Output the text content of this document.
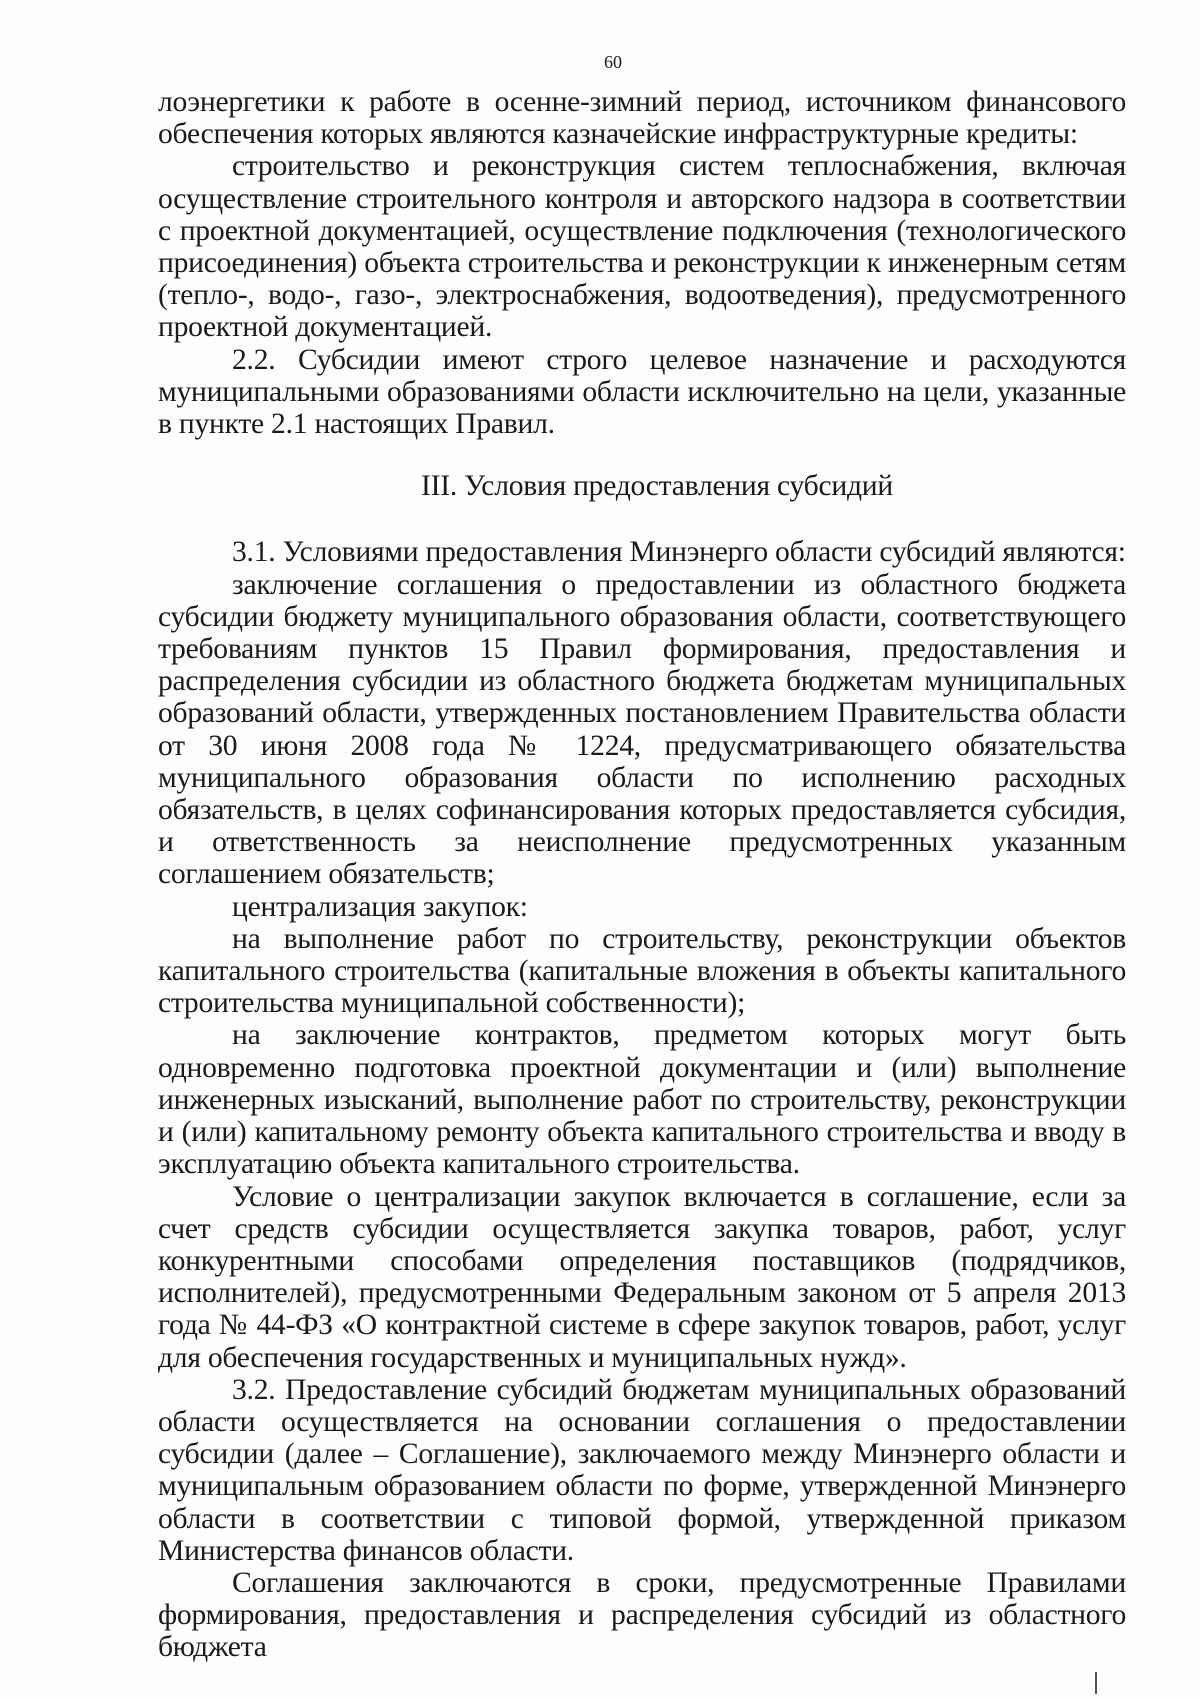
60

лоэнергетики к работе в осенне-зимний период, источником финансового обеспечения которых являются казначейские инфраструктурные кредиты:

строительство и реконструкция систем теплоснабжения, включая осуществление строительного контроля и авторского надзора в соответствии с проектной документацией, осуществление подключения (технологического присоединения) объекта строительства и реконструкции к инженерным сетям (тепло-, водо-, газо-, электроснабжения, водоотведения), предусмотренного проектной документацией.

2.2. Субсидии имеют строго целевое назначение и расходуются муниципальными образованиями области исключительно на цели, указанные в пункте 2.1 настоящих Правил.

III. Условия предоставления субсидий

3.1. Условиями предоставления Минэнерго области субсидий являются:

заключение соглашения о предоставлении из областного бюджета субсидии бюджету муниципального образования области, соответствующего требованиям пунктов 15 Правил формирования, предоставления и распределения субсидии из областного бюджета бюджетам муниципальных образований области, утвержденных постановлением Правительства области от 30 июня 2008 года № 1224, предусматривающего обязательства муниципального образования области по исполнению расходных обязательств, в целях софинансирования которых предоставляется субсидия, и ответственность за неисполнение предусмотренных указанным соглашением обязательств;

централизация закупок:

на выполнение работ по строительству, реконструкции объектов капитального строительства (капитальные вложения в объекты капитального строительства муниципальной собственности);

на заключение контрактов, предметом которых могут быть одновременно подготовка проектной документации и (или) выполнение инженерных изысканий, выполнение работ по строительству, реконструкции и (или) капитальному ремонту объекта капитального строительства и вводу в эксплуатацию объекта капитального строительства.

Условие о централизации закупок включается в соглашение, если за счет средств субсидии осуществляется закупка товаров, работ, услуг конкурентными способами определения поставщиков (подрядчиков, исполнителей), предусмотренными Федеральным законом от 5 апреля 2013 года № 44-ФЗ «О контрактной системе в сфере закупок товаров, работ, услуг для обеспечения государственных и муниципальных нужд».

3.2. Предоставление субсидий бюджетам муниципальных образований области осуществляется на основании соглашения о предоставлении субсидии (далее – Соглашение), заключаемого между Минэнерго области и муниципальным образованием области по форме, утвержденной Минэнерго области в соответствии с типовой формой, утвержденной приказом Министерства финансов области.

Соглашения заключаются в сроки, предусмотренные Правилами формирования, предоставления и распределения субсидий из областного бюджета
